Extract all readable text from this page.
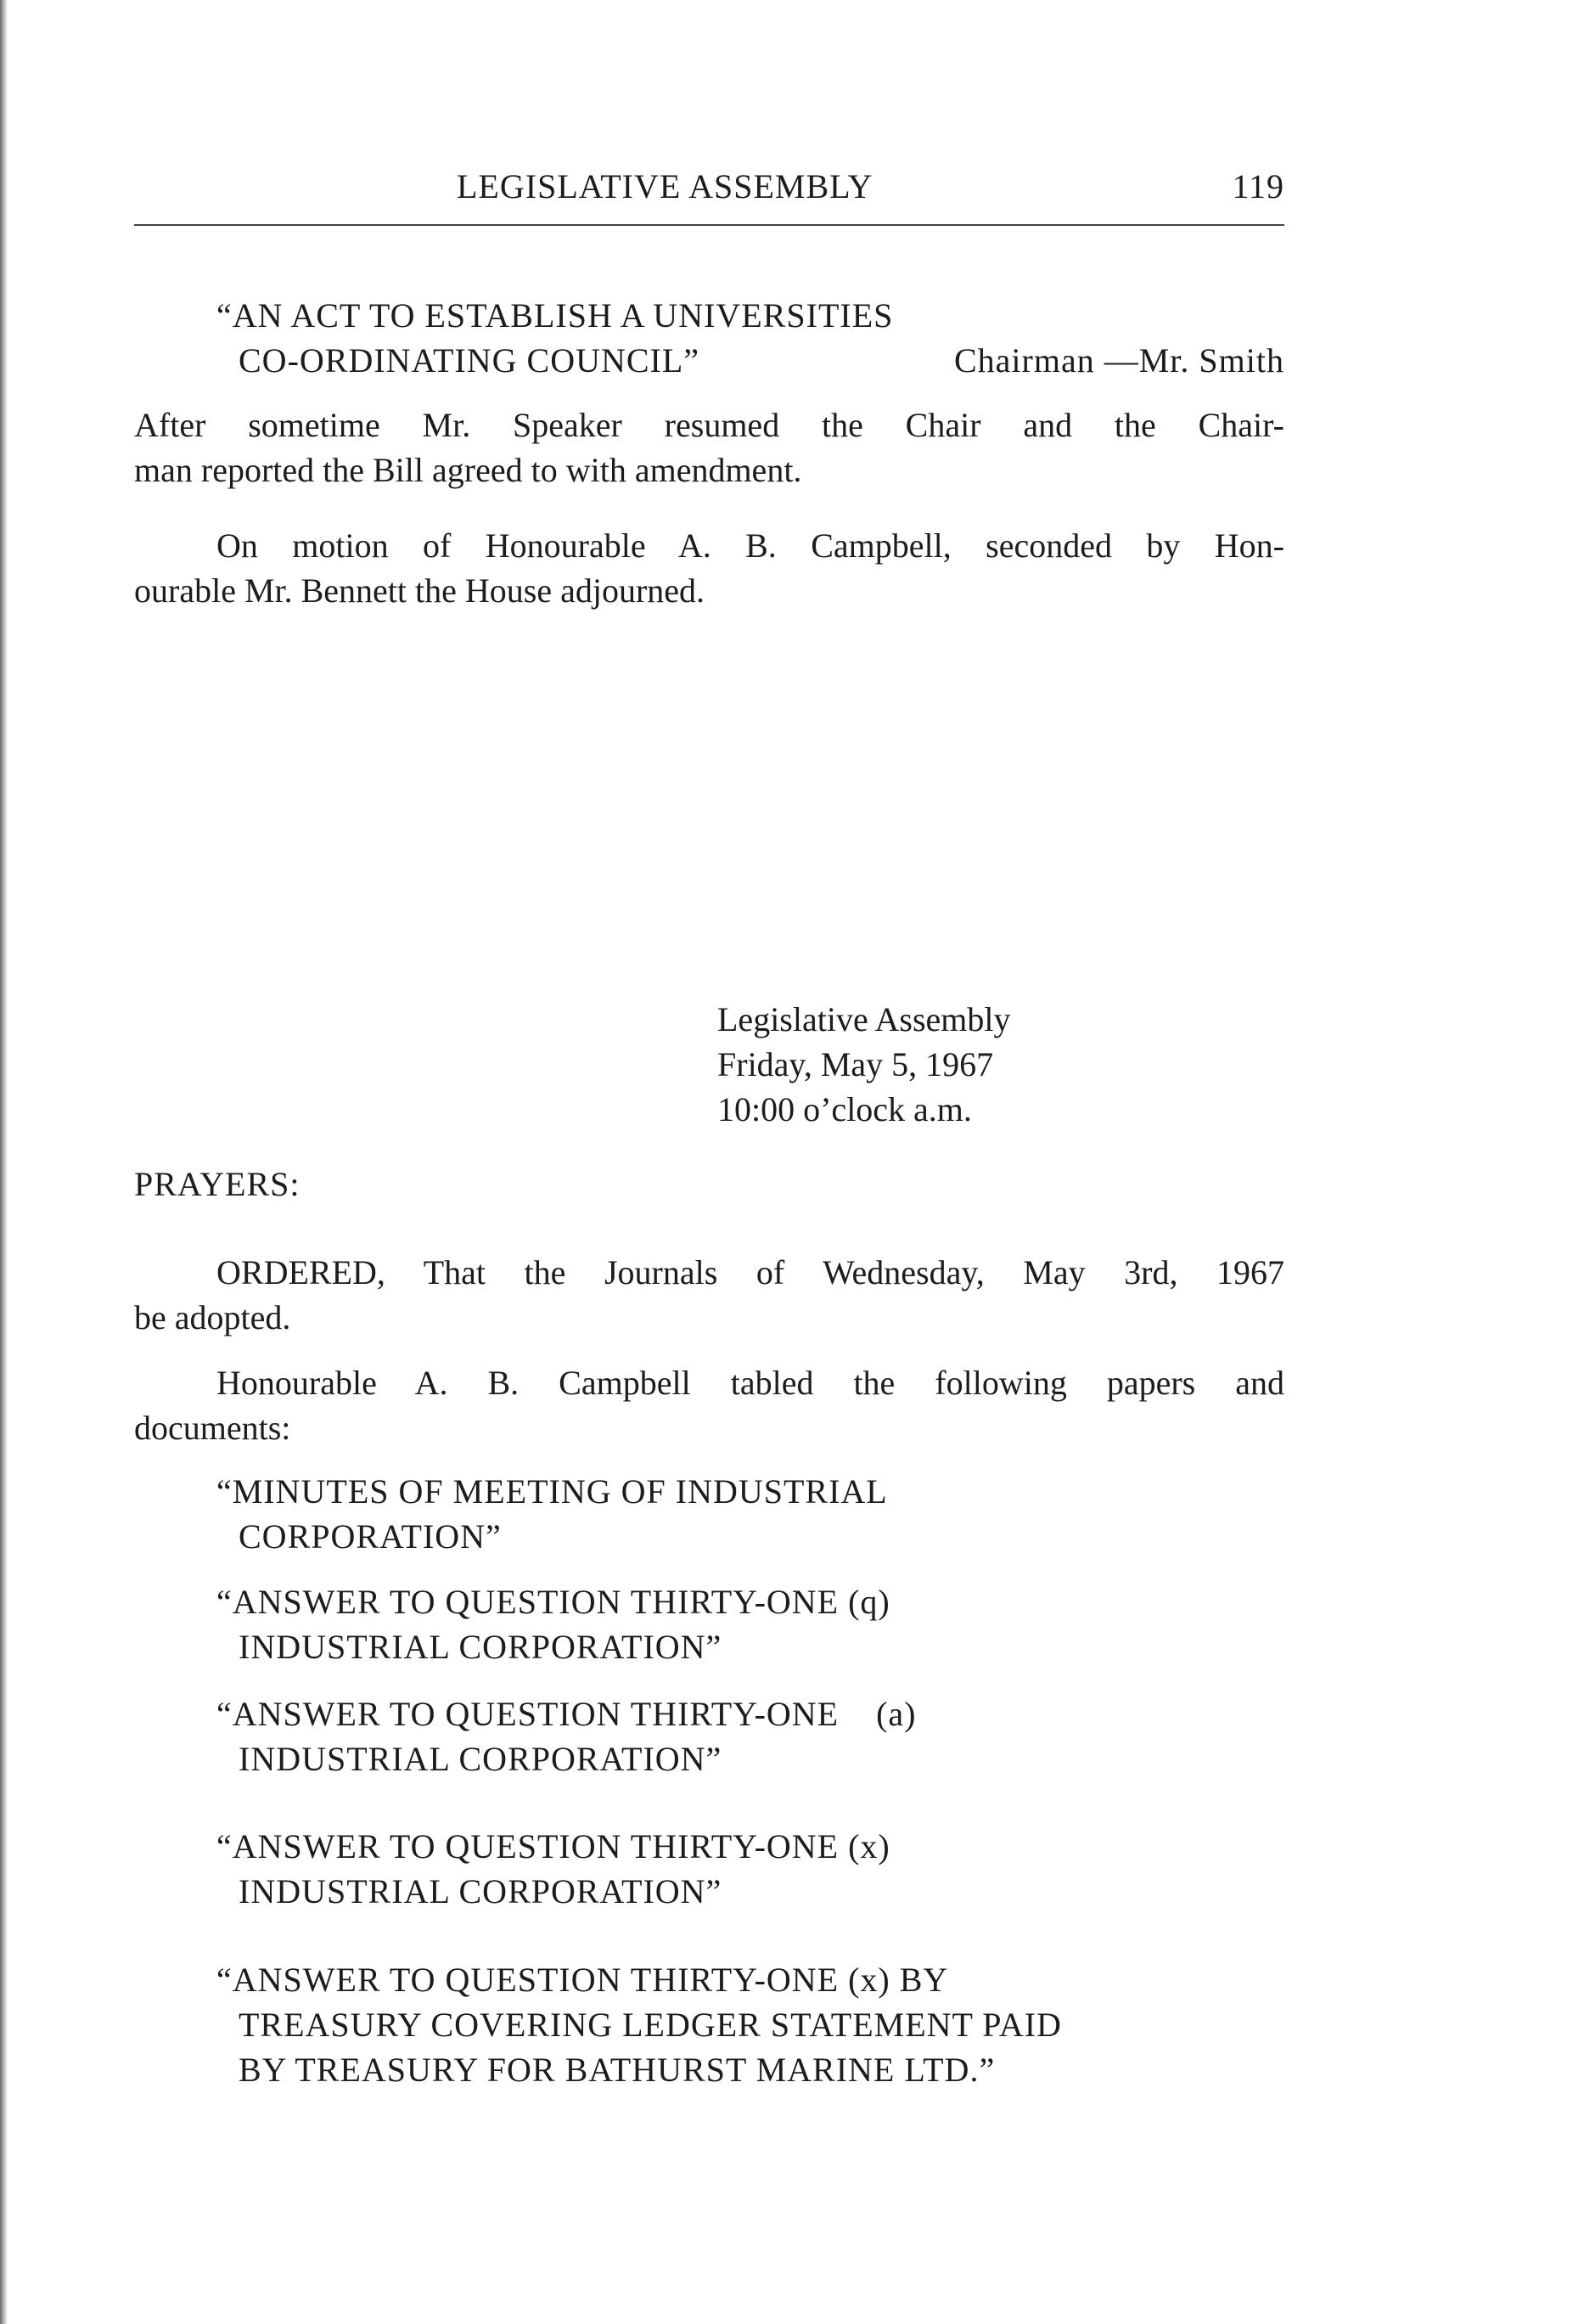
LEGISLATIVE ASSEMBLY	119
“AN ACT TO ESTABLISH A UNIVERSITIES
CO-ORDINATING COUNCIL”	Chairman —Mr. Smith
After sometime Mr. Speaker resumed the Chair and the Chair-
man reported the Bill agreed to with amendment.
On motion of Honourable A. B. Campbell, seconded by Hon-
ourable Mr. Bennett the House adjourned.
Legislative Assembly
Friday, May 5, 1967
10:00 o’clock a.m.
PRAYERS:
ORDERED, That the Journals of Wednesday, May 3rd, 1967
be adopted.
Honourable A. B. Campbell tabled the following papers and
documents:
“MINUTES OF MEETING OF INDUSTRIAL
CORPORATION”
“ANSWER TO QUESTION THIRTY-ONE (q)
INDUSTRIAL CORPORATION”
“ANSWER TO QUESTION THIRTY-ONE    (a)
INDUSTRIAL CORPORATION”
“ANSWER TO QUESTION THIRTY-ONE (x)
INDUSTRIAL CORPORATION”
“ANSWER TO QUESTION THIRTY-ONE (x) BY
TREASURY COVERING LEDGER STATEMENT PAID
BY TREASURY FOR BATHURST MARINE LTD.”
